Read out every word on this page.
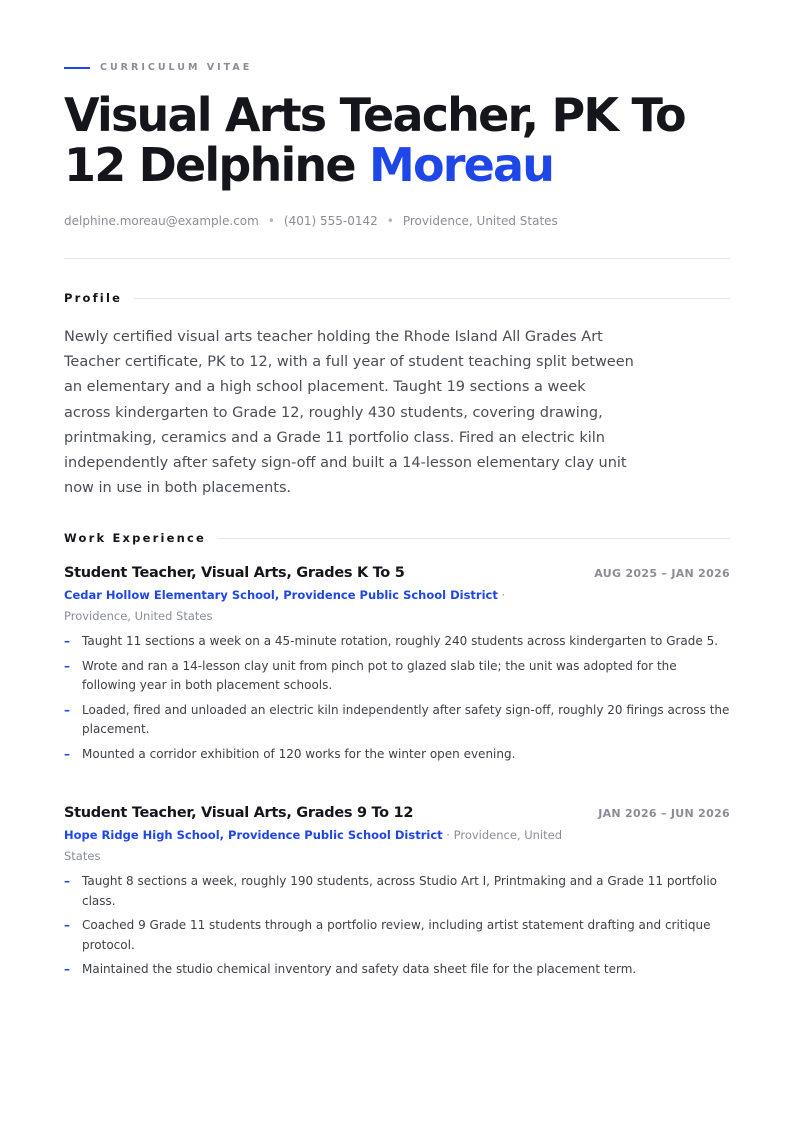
CURRICULUM VITAE
Visual Arts Teacher, PK To 12 Delphine Moreau
delphine.moreau@example.com • (401) 555-0142 • Providence, United States
Profile

Newly certified visual arts teacher holding the Rhode Island All Grades Art Teacher certificate, PK to 12, with a full year of student teaching split between an elementary and a high school placement. Taught 19 sections a week across kindergarten to Grade 12, roughly 430 students, covering drawing, printmaking, ceramics and a Grade 11 portfolio class. Fired an electric kiln independently after safety sign-off and built a 14-lesson elementary clay unit now in use in both placements.

Work Experience
Student Teacher, Visual Arts, Grades K To 5	AUG 2025 – JAN 2026
Cedar Hollow Elementary School, Providence Public School District · Providence, United States
– Taught 11 sections a week on a 45-minute rotation, roughly 240 students across kindergarten to Grade 5.
– Wrote and ran a 14-lesson clay unit from pinch pot to glazed slab tile; the unit was adopted for the following year in both placement schools.
– Loaded, fired and unloaded an electric kiln independently after safety sign-off, roughly 20 firings across the placement.
– Mounted a corridor exhibition of 120 works for the winter open evening.
Student Teacher, Visual Arts, Grades 9 To 12	JAN 2026 – JUN 2026
Hope Ridge High School, Providence Public School District · Providence, United States
– Taught 8 sections a week, roughly 190 students, across Studio Art I, Printmaking and a Grade 11 portfolio class.
– Coached 9 Grade 11 students through a portfolio review, including artist statement drafting and critique protocol.
– Maintained the studio chemical inventory and safety data sheet file for the placement term.
